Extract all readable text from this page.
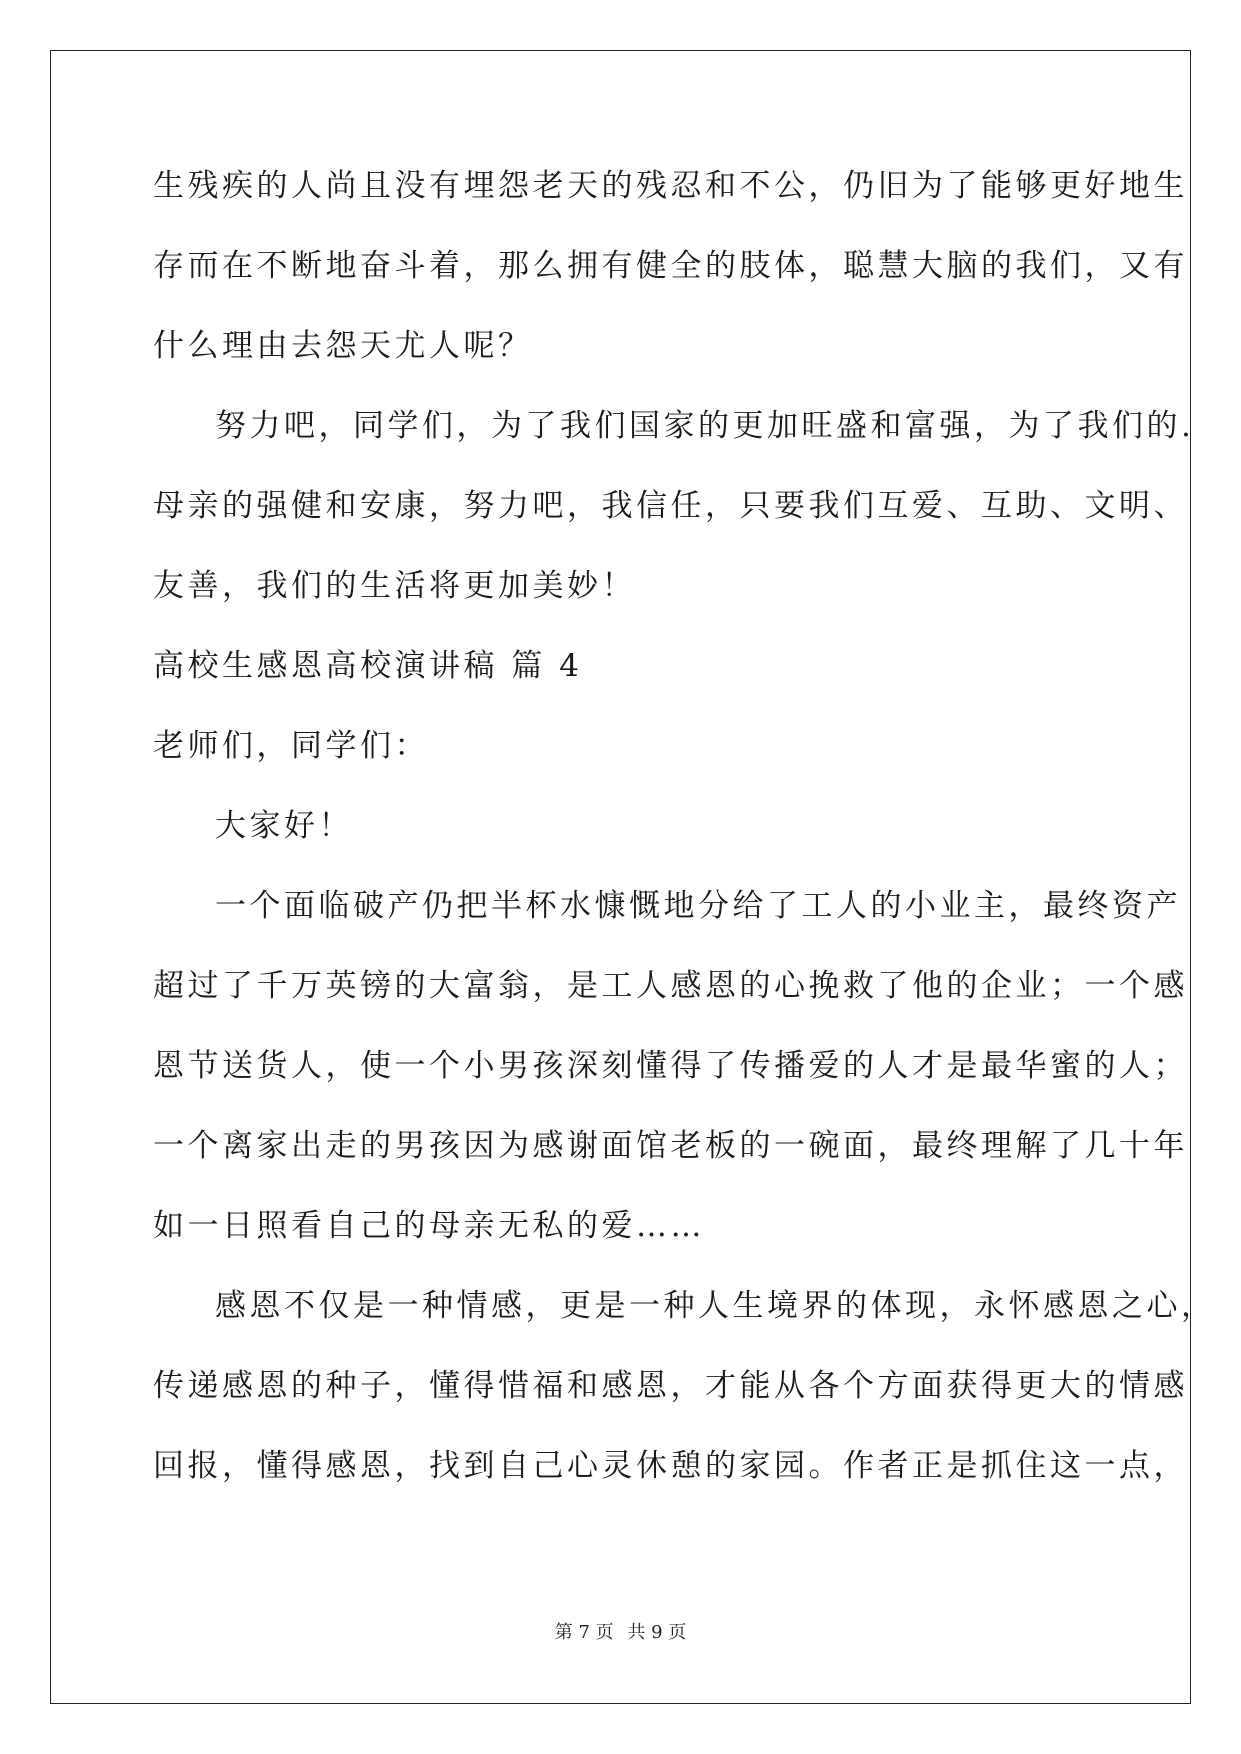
生残疾的人尚且没有埋怨老天的残忍和不公，仍旧为了能够更好地生
存而在不断地奋斗着，那么拥有健全的肢体，聪慧大脑的我们，又有
什么理由去怨天尤人呢？
努力吧，同学们，为了我们国家的更加旺盛和富强，为了我们的.
母亲的强健和安康，努力吧，我信任，只要我们互爱、互助、文明、
友善，我们的生活将更加美妙！
高校生感恩高校演讲稿 篇 4
老师们，同学们：
大家好！
一个面临破产仍把半杯水慷慨地分给了工人的小业主，最终资产
超过了千万英镑的大富翁，是工人感恩的心挽救了他的企业；一个感
恩节送货人，使一个小男孩深刻懂得了传播爱的人才是最华蜜的人；
一个离家出走的男孩因为感谢面馆老板的一碗面，最终理解了几十年
如一日照看自己的母亲无私的爱……
感恩不仅是一种情感，更是一种人生境界的体现，永怀感恩之心，
传递感恩的种子，懂得惜福和感恩，才能从各个方面获得更大的情感
回报，懂得感恩，找到自己心灵休憩的家园。作者正是抓住这一点，
第 7 页 共 9 页
